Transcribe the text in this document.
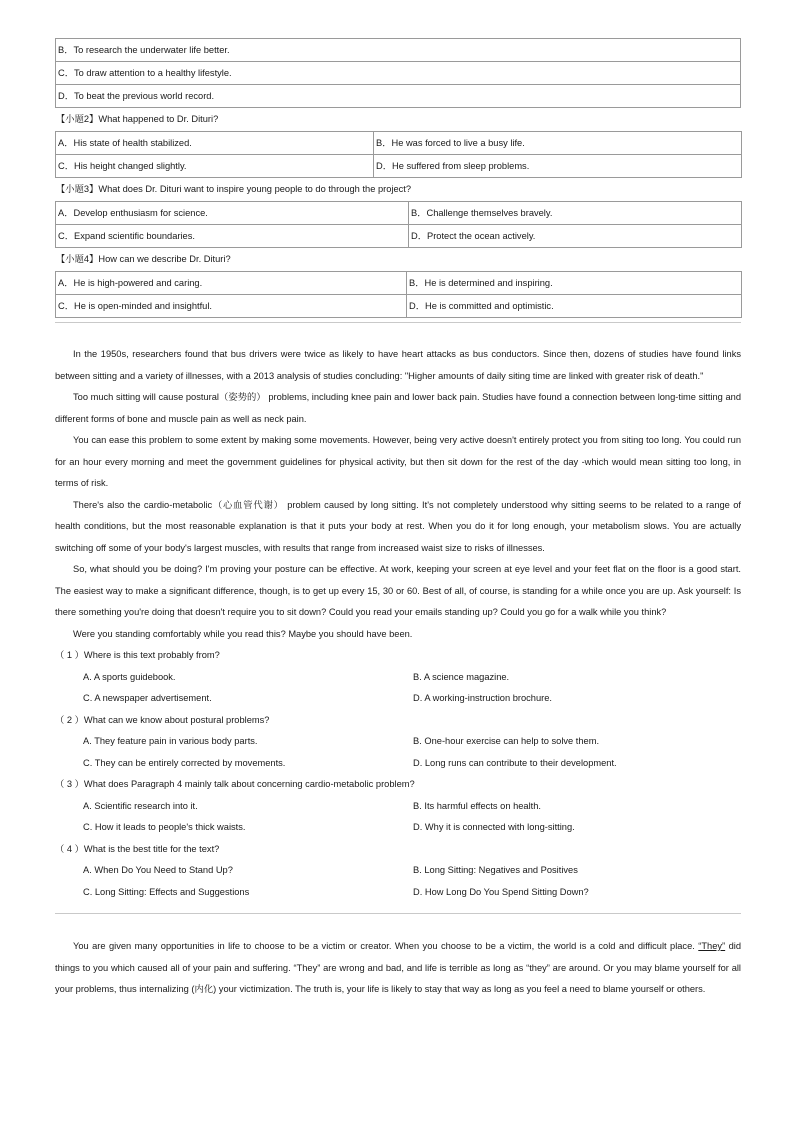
B．To research the underwater life better.
C．To draw attention to a healthy lifestyle.
D．To beat the previous world record.
【小题2】What happened to Dr. Dituri?
A．His state of health stabilized.	B．He was forced to live a busy life.
C．His height changed slightly.	D．He suffered from sleep problems.
【小题3】What does Dr. Dituri want to inspire young people to do through the project?
A．Develop enthusiasm for science.	B．Challenge themselves bravely.
C．Expand scientific boundaries.	D．Protect the ocean actively.
【小题4】How can we describe Dr. Dituri?
A．He is high-powered and caring.	B．He is determined and inspiring.
C．He is open-minded and insightful.	D．He is committed and optimistic.

In the 1950s, researchers found that bus drivers were twice as likely to have heart attacks as bus conductors. Since then, dozens of studies have found links between sitting and a variety of illnesses, with a 2013 analysis of studies concluding: "Higher amounts of daily siting time are linked with greater risk of death."

Too much sitting will cause postural（姿势的） problems, including knee pain and lower back pain. Studies have found a connection between long-time sitting and different forms of bone and muscle pain as well as neck pain.

You can ease this problem to some extent by making some movements. However, being very active doesn't entirely protect you from siting too long. You could run for an hour every morning and meet the government guidelines for physical activity, but then sit down for the rest of the day -which would mean sitting too long, in terms of risk.

There's also the cardio-metabolic（心血管代谢） problem caused by long sitting. It's not completely understood why sitting seems to be related to a range of health conditions, but the most reasonable explanation is that it puts your body at rest. When you do it for long enough, your metabolism slows. You are actually switching off some of your body's largest muscles, with results that range from increased waist size to risks of illnesses.

So, what should you be doing? I'm proving your posture can be effective. At work, keeping your screen at eye level and your feet flat on the floor is a good start. The easiest way to make a significant difference, though, is to get up every 15, 30 or 60. Best of all, of course, is standing for a while once you are up. Ask yourself: Is there something you're doing that doesn't require you to sit down? Could you read your emails standing up? Could you go for a walk while you think?

Were you standing comfortably while you read this? Maybe you should have been.

（ 1 ）Where is this text probably from?
A. A sports guidebook.	B. A science magazine.
C. A newspaper advertisement.	D. A working-instruction brochure.
（ 2 ）What can we know about postural problems?
A. They feature pain in various body parts.	B. One-hour exercise can help to solve them.
C. They can be entirely corrected by movements.	D. Long runs can contribute to their development.
（ 3 ）What does Paragraph 4 mainly talk about concerning cardio-metabolic problem?
A. Scientific research into it.	B. Its harmful effects on health.
C. How it leads to people's thick waists.	D. Why it is connected with long-sitting.
（ 4 ）What is the best title for the text?
A. When Do You Need to Stand Up?	B. Long Sitting: Negatives and Positives
C. Long Sitting: Effects and Suggestions	D. How Long Do You Spend Sitting Down?

You are given many opportunities in life to choose to be a victim or creator. When you choose to be a victim, the world is a cold and difficult place. “They” did things to you which caused all of your pain and suffering. “They” are wrong and bad, and life is terrible as long as “they” are around. Or you may blame yourself for all your problems, thus internalizing (内化) your victimization. The truth is, your life is likely to stay that way as long as you feel a need to blame yourself or others.
